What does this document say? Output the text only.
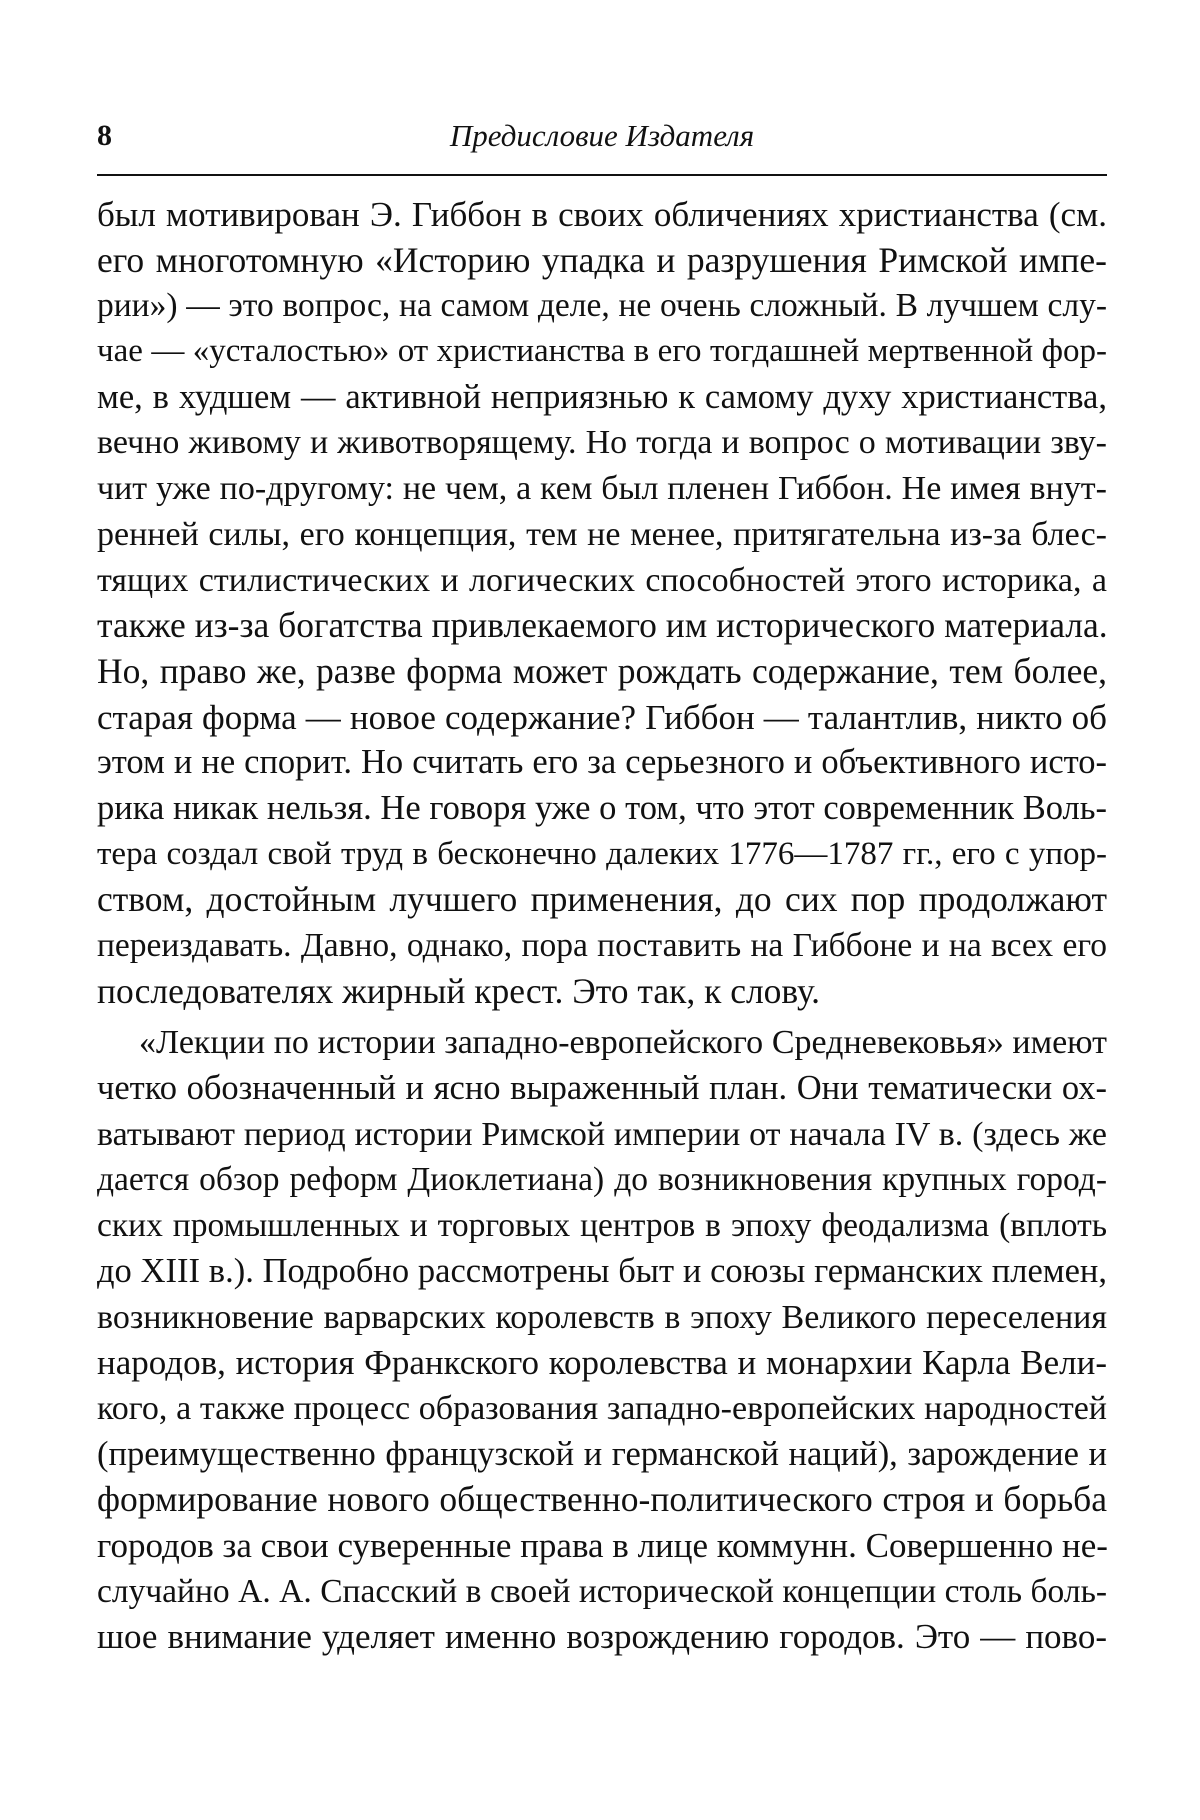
8	Предисловие Издателя
был мотивирован Э. Гиббон в своих обличениях христианства (см.
его многотомную «Историю упадка и разрушения Римской импе-
рии») — это вопрос, на самом деле, не очень сложный. В лучшем слу-
чае — «усталостью» от христианства в его тогдашней мертвенной фор-
ме, в худшем — активной неприязнью к самому духу христианства,
вечно живому и животворящему. Но тогда и вопрос о мотивации зву-
чит уже по-другому: не чем, а кем был пленен Гиббон. Не имея внут-
ренней силы, его концепция, тем не менее, притягательна из-за блес-
тящих стилистических и логических способностей этого историка, а
также из-за богатства привлекаемого им исторического материала.
Но, право же, разве форма может рождать содержание, тем более,
старая форма — новое содержание? Гиббон — талантлив, никто об
этом и не спорит. Но считать его за серьезного и объективного исто-
рика никак нельзя. Не говоря уже о том, что этот современник Воль-
тера создал свой труд в бесконечно далеких 1776—1787 гг., его с упор-
ством, достойным лучшего применения, до сих пор продолжают
переиздавать. Давно, однако, пора поставить на Гиббоне и на всех его
последователях жирный крест. Это так, к слову.
«Лекции по истории западно-европейского Средневековья» имеют
четко обозначенный и ясно выраженный план. Они тематически ох-
ватывают период истории Римской империи от начала IV в. (здесь же
дается обзор реформ Диоклетиана) до возникновения крупных город-
ских промышленных и торговых центров в эпоху феодализма (вплоть
до XIII в.). Подробно рассмотрены быт и союзы германских племен,
возникновение варварских королевств в эпоху Великого переселения
народов, история Франкского королевства и монархии Карла Вели-
кого, а также процесс образования западно-европейских народностей
(преимущественно французской и германской наций), зарождение и
формирование нового общественно-политического строя и борьба
городов за свои суверенные права в лице коммунн. Совершенно не-
случайно А. А. Спасский в своей исторической концепции столь боль-
шое внимание уделяет именно возрождению городов. Это — пово-
